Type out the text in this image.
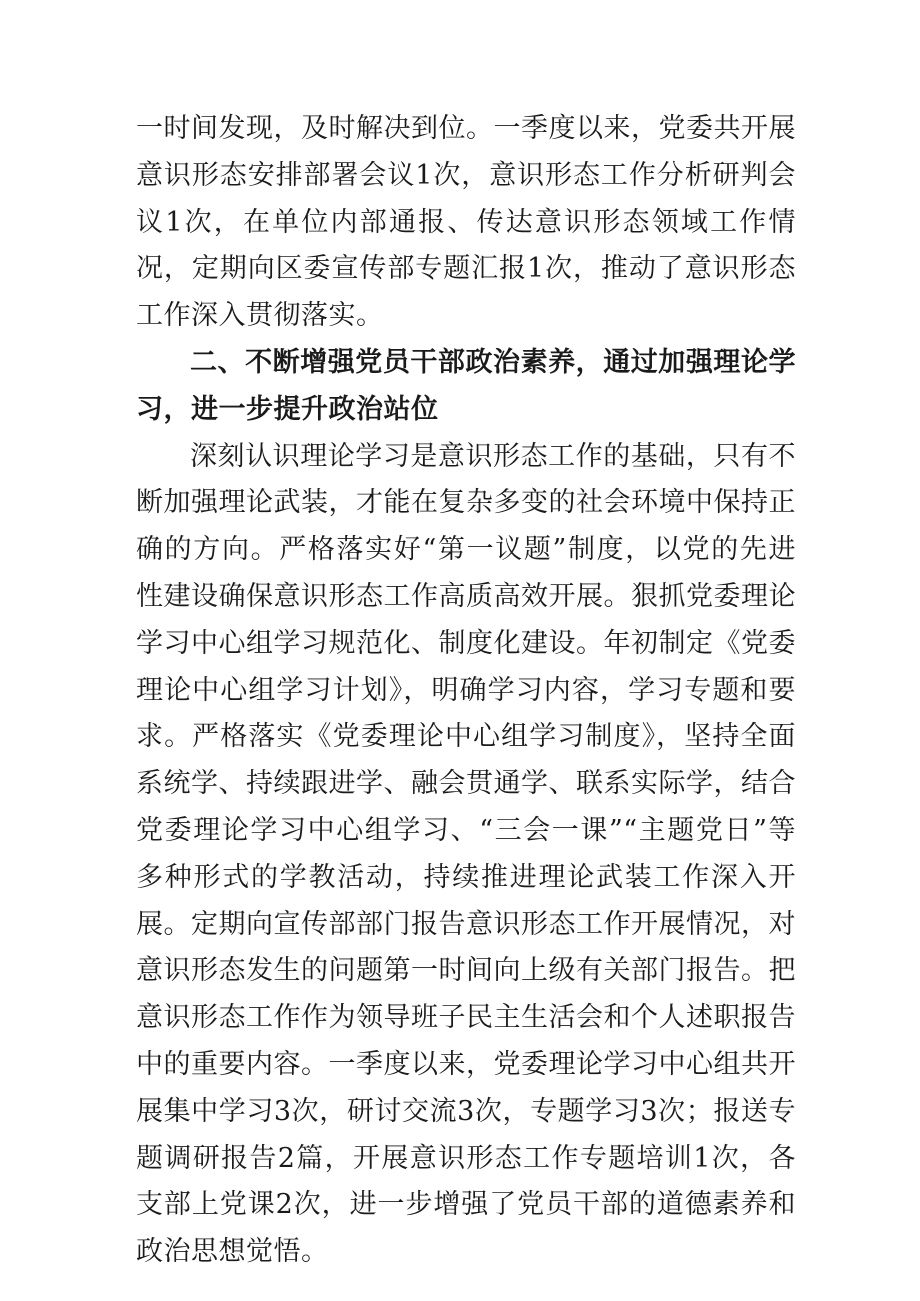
一时间发现，及时解决到位。一季度以来，党委共开展意识形态安排部署会议1次，意识形态工作分析研判会议1次，在单位内部通报、传达意识形态领域工作情况，定期向区委宣传部专题汇报1次，推动了意识形态工作深入贯彻落实。

二、不断增强党员干部政治素养，通过加强理论学习，进一步提升政治站位

深刻认识理论学习是意识形态工作的基础，只有不断加强理论武装，才能在复杂多变的社会环境中保持正确的方向。严格落实好“第一议题”制度，以党的先进性建设确保意识形态工作高质高效开展。狠抓党委理论学习中心组学习规范化、制度化建设。年初制定《党委理论中心组学习计划》，明确学习内容，学习专题和要求。严格落实《党委理论中心组学习制度》，坚持全面系统学、持续跟进学、融会贯通学、联系实际学，结合党委理论学习中心组学习、“三会一课”“主题党日”等多种形式的学教活动，持续推进理论武装工作深入开展。定期向宣传部部门报告意识形态工作开展情况，对意识形态发生的问题第一时间向上级有关部门报告。把意识形态工作作为领导班子民主生活会和个人述职报告中的重要内容。一季度以来，党委理论学习中心组共开展集中学习3次，研讨交流3次，专题学习3次；报送专题调研报告2篇，开展意识形态工作专题培训1次，各支部上党课2次，进一步增强了党员干部的道德素养和政治思想觉悟。
